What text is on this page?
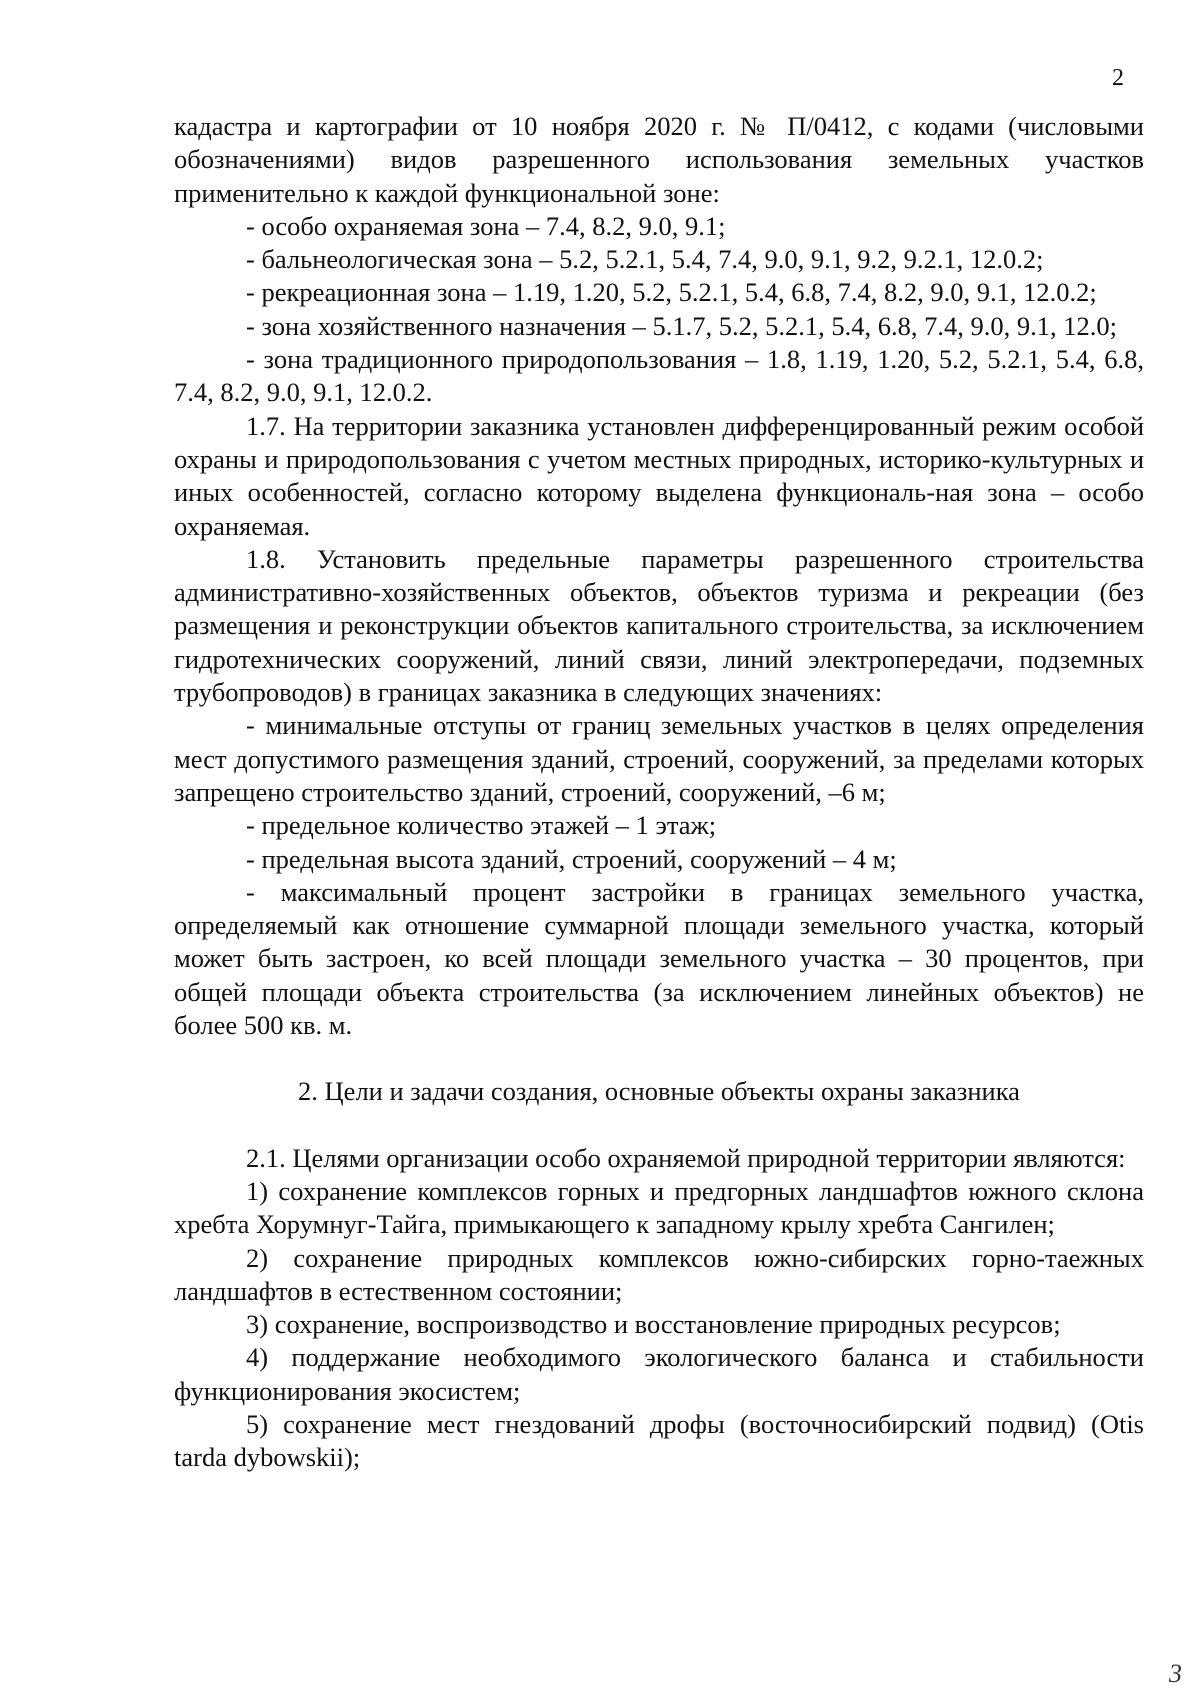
2

кадастра и картографии от 10 ноября 2020 г. № П/0412, с кодами (числовыми обозначениями) видов разрешенного использования земельных участков применительно к каждой функциональной зоне:

- особо охраняемая зона – 7.4, 8.2, 9.0, 9.1;

- бальнеологическая зона – 5.2, 5.2.1, 5.4, 7.4, 9.0, 9.1, 9.2, 9.2.1, 12.0.2;

- рекреационная зона – 1.19, 1.20, 5.2, 5.2.1, 5.4, 6.8, 7.4, 8.2, 9.0, 9.1, 12.0.2;

- зона хозяйственного назначения – 5.1.7, 5.2, 5.2.1, 5.4, 6.8, 7.4, 9.0, 9.1, 12.0;

- зона традиционного природопользования – 1.8, 1.19, 1.20, 5.2, 5.2.1, 5.4, 6.8, 7.4, 8.2, 9.0, 9.1, 12.0.2.

1.7. На территории заказника установлен дифференцированный режим особой охраны и природопользования с учетом местных природных, историко-культурных и иных особенностей, согласно которому выделена функциональ-ная зона – особо охраняемая.

1.8. Установить предельные параметры разрешенного строительства административно-хозяйственных объектов, объектов туризма и рекреации (без размещения и реконструкции объектов капитального строительства, за исключением гидротехнических сооружений, линий связи, линий электропередачи, подземных трубопроводов) в границах заказника в следующих значениях:

- минимальные отступы от границ земельных участков в целях определения мест допустимого размещения зданий, строений, сооружений, за пределами которых запрещено строительство зданий, строений, сооружений, –6 м;

- предельное количество этажей – 1 этаж;

- предельная высота зданий, строений, сооружений – 4 м;

- максимальный процент застройки в границах земельного участка, определяемый как отношение суммарной площади земельного участка, который может быть застроен, ко всей площади земельного участка – 30 процентов, при общей площади объекта строительства (за исключением линейных объектов) не более 500 кв. м.

2. Цели и задачи создания, основные объекты охраны заказника

2.1. Целями организации особо охраняемой природной территории являются:

1) сохранение комплексов горных и предгорных ландшафтов южного склона хребта Хорумнуг-Тайга, примыкающего к западному крылу хребта Сангилен;

2) сохранение природных комплексов южно-сибирских горно-таежных ландшафтов в естественном состоянии;

3) сохранение, воспроизводство и восстановление природных ресурсов;

4) поддержание необходимого экологического баланса и стабильности функционирования экосистем;

5) сохранение мест гнездований дрофы (восточносибирский подвид) (Otis tarda dybowskii);

3
